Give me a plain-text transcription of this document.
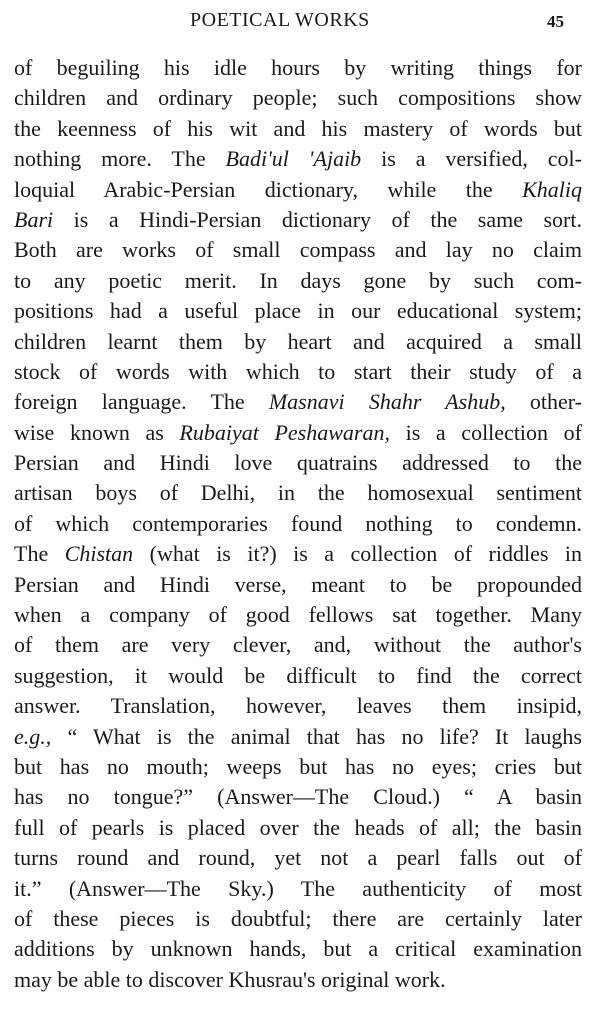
POETICAL WORKS	45
of beguiling his idle hours by writing things for
children and ordinary people; such compositions show
the keenness of his wit and his mastery of words but
nothing more. The Badi'ul 'Ajaib is a versified, col-
loquial Arabic-Persian dictionary, while the Khaliq
Bari is a Hindi-Persian dictionary of the same sort.
Both are works of small compass and lay no claim
to any poetic merit. In days gone by such com-
positions had a useful place in our educational system;
children learnt them by heart and acquired a small
stock of words with which to start their study of a
foreign language. The Masnavi Shahr Ashub, other-
wise known as Rubaiyat Peshawaran, is a collection of
Persian and Hindi love quatrains addressed to the
artisan boys of Delhi, in the homosexual sentiment
of which contemporaries found nothing to condemn.
The Chistan (what is it?) is a collection of riddles in
Persian and Hindi verse, meant to be propounded
when a company of good fellows sat together. Many
of them are very clever, and, without the author's
suggestion, it would be difficult to find the correct
answer. Translation, however, leaves them insipid,
e.g., “ What is the animal that has no life? It laughs
but has no mouth; weeps but has no eyes; cries but
has no tongue?” (Answer—The Cloud.) “ A basin
full of pearls is placed over the heads of all; the basin
turns round and round, yet not a pearl falls out of
it.” (Answer—The Sky.) The authenticity of most
of these pieces is doubtful; there are certainly later
additions by unknown hands, but a critical examination
may be able to discover Khusrau's original work.
